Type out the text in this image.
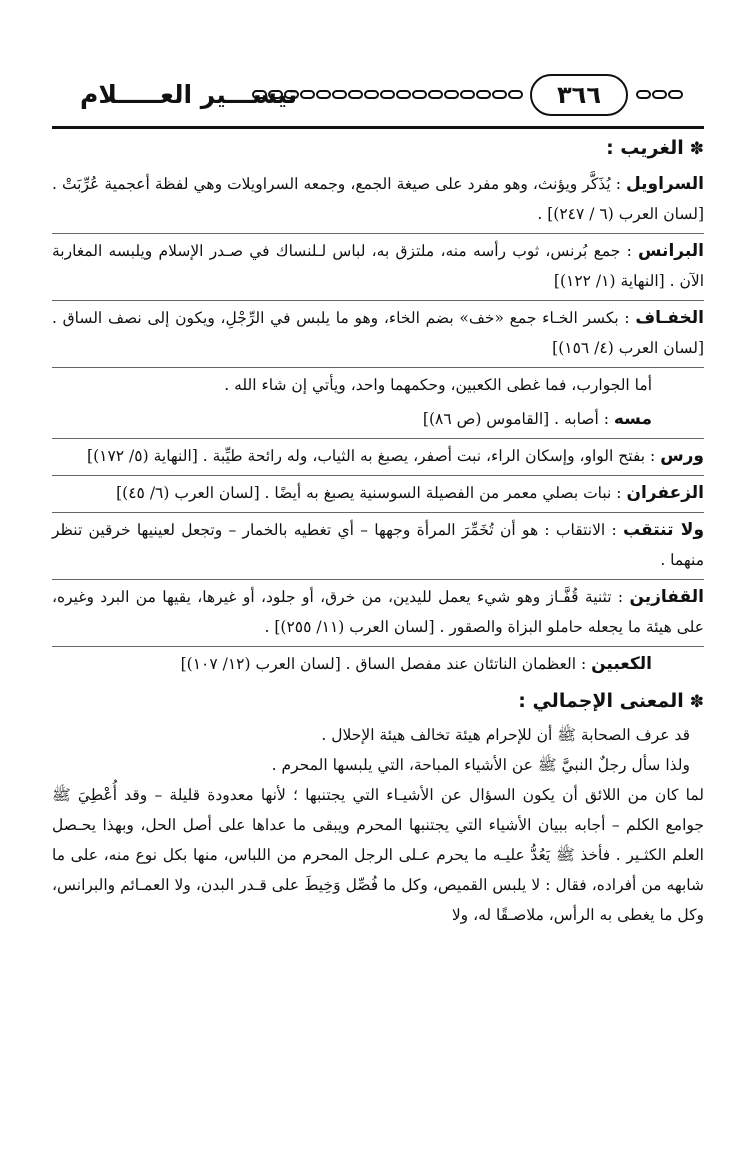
تيســـير العـــــلام	٣٦٦
✽الغريب :

السراويل : يُذَكَّر ويؤنث، وهو مفرد على صيغة الجمع، وجمعه السراويلات وهي لفظة أعجمية عُرِّبَتْ . [لسان العرب (٦ / ٢٤٧)] .

البرانس : جمع بُرنس، ثوب رأسه منه، ملتزق به، لباس لـلنساك في صـدر الإسلام ويلبسه المغاربة الآن . [النهاية (١/ ١٢٢)]

الخفـاف : بكسر الخـاء جمع «خف» بضم الخاء، وهو ما يلبس في الرِّجْلِ، ويكون إلى نصف الساق . [لسان العرب (٤/ ١٥٦)]

أما الجوارب، فما غطى الكعبين، وحكمهما واحد، ويأتي إن شاء الله .

مسه : أصابه . [القاموس (ص ٨٦)]

ورس : بفتح الواو، وإسكان الراء، نبت أصفر، يصبغ به الثياب، وله رائحة طيِّبة . [النهاية (٥/ ١٧٢)]

الزعفران : نبات بصلي معمر من الفصيلة السوسنية يصبغ به أيضًا . [لسان العرب (٦/ ٤٥)]

ولا تنتقب : الانتقاب : هو أن تُخَمِّرَ المرأة وجهها – أي تغطيه بالخمار – وتجعل لعينيها خرقين تنظر منهما .

القفازين : تثنية قُفَّـاز وهو شيء يعمل لليدين، من خرق، أو جلود، أو غيرها، يقيها من البرد وغيره، على هيئة ما يجعله حاملو البزاة والصقور . [لسان العرب (١١/ ٢٥٥)] .

الكعبين : العظمان الناتئان عند مفصل الساق . [لسان العرب (١٢/ ١٠٧)]

✽المعنى الإجمالي :

قد عرف الصحابة ﷺ أن للإحرام هيئة تخالف هيئة الإحلال .

ولذا سأل رجلٌ النبيَّ ﷺ عن الأشياء المباحة، التي يلبسها المحرم .

لما كان من اللائق أن يكون السؤال عن الأشيـاء التي يجتنبها ؛ لأنها معدودة قليلة – وقد أُعْطِيَ ﷺ جوامع الكلم – أجابه ببيان الأشياء التي يجتنبها المحرم ويبقى ما عداها على أصل الحل، وبهذا يحـصل العلم الكثـير . فأخذ ﷺ يَعُدُّ عليـه ما يحرم عـلى الرجل المحرم من اللباس، منها بكل نوع منه، على ما شابهه من أفراده، فقال : لا يلبس القميص، وكل ما فُصِّل وَخِيطَ على قـدر البدن، ولا العمـائم والبرانس، وكل ما يغطى به الرأس، ملاصـقًا له، ولا
